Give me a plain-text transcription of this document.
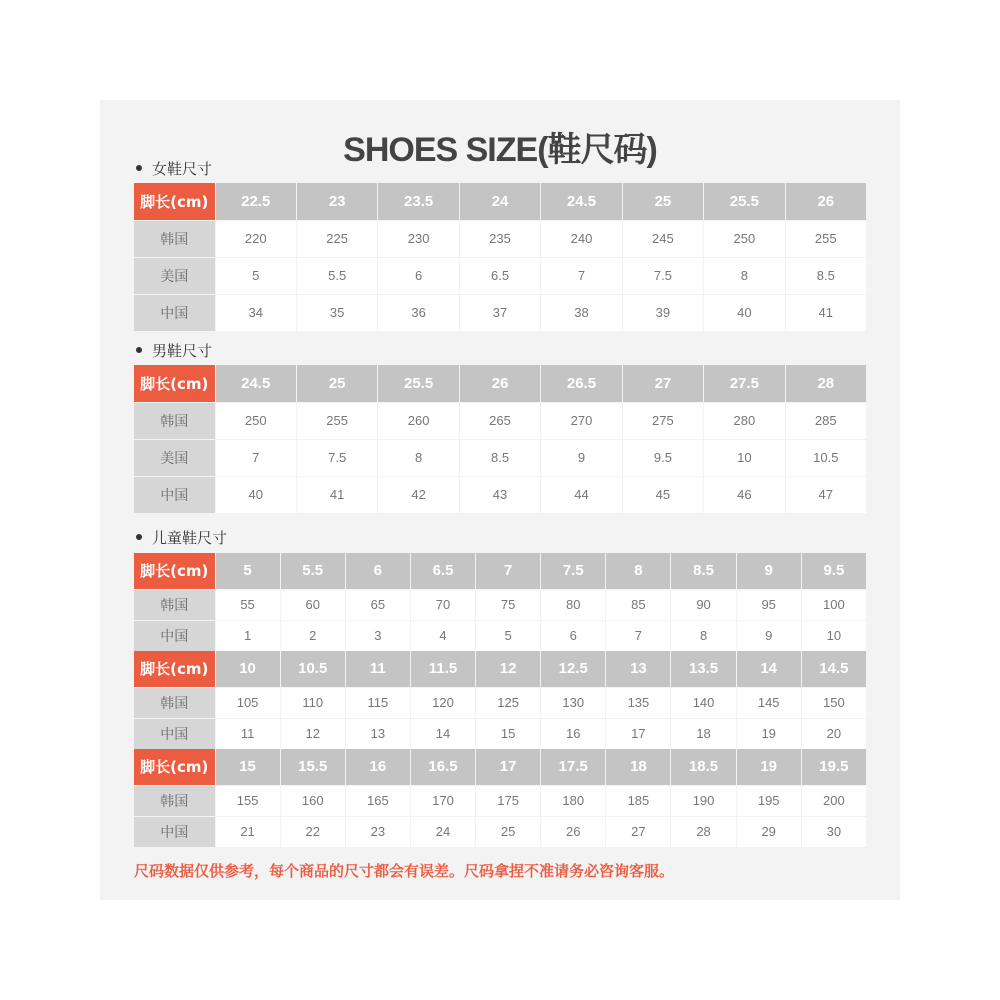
SHOES SIZE(鞋尺码)
女鞋尺寸
脚长(cm)	22.5	23	23.5	24	24.5	25	25.5	26
韩国	220	225	230	235	240	245	250	255
美国	5	5.5	6	6.5	7	7.5	8	8.5
中国	34	35	36	37	38	39	40	41
男鞋尺寸
脚长(cm)	24.5	25	25.5	26	26.5	27	27.5	28
韩国	250	255	260	265	270	275	280	285
美国	7	7.5	8	8.5	9	9.5	10	10.5
中国	40	41	42	43	44	45	46	47
儿童鞋尺寸
脚长(cm)	5	5.5	6	6.5	7	7.5	8	8.5	9	9.5
韩国	55	60	65	70	75	80	85	90	95	100
中国	1	2	3	4	5	6	7	8	9	10
脚长(cm)	10	10.5	11	11.5	12	12.5	13	13.5	14	14.5
韩国	105	110	115	120	125	130	135	140	145	150
中国	11	12	13	14	15	16	17	18	19	20
脚长(cm)	15	15.5	16	16.5	17	17.5	18	18.5	19	19.5
韩国	155	160	165	170	175	180	185	190	195	200
中国	21	22	23	24	25	26	27	28	29	30
尺码数据仅供参考，每个商品的尺寸都会有误差。尺码拿捏不准请务必咨询客服。
